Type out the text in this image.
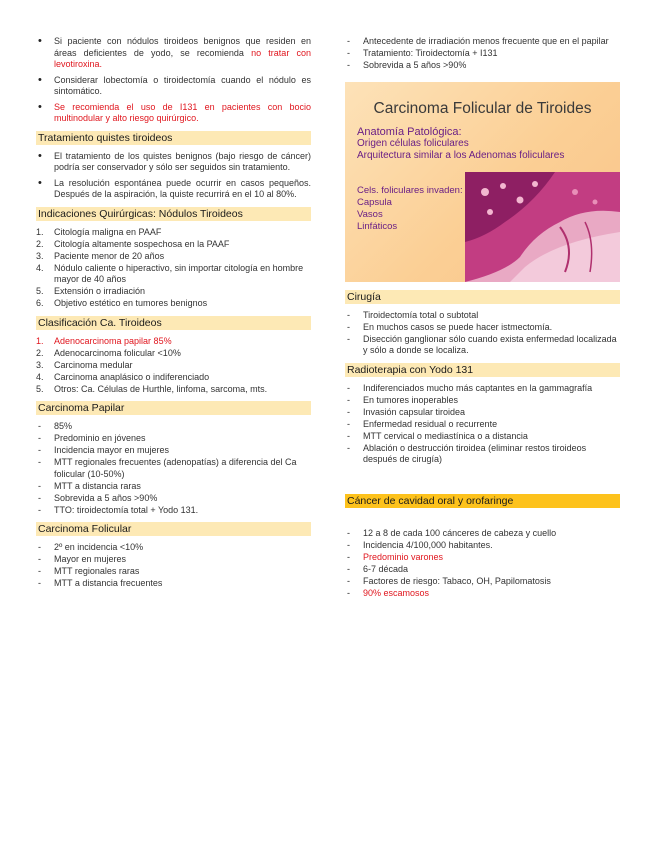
• Si paciente con nódulos tiroideos benignos que residen en áreas deficientes de yodo, se recomienda no tratar con levotiroxina.
• Considerar lobectomía o tiroidectomía cuando el nódulo es sintomático.
• Se recomienda el uso de I131 en pacientes con bocio multinodular y alto riesgo quirúrgico.
Tratamiento quistes tiroideos
• El tratamiento de los quistes benignos (bajo riesgo de cáncer) podría ser conservador y sólo ser seguidos sin tratamiento.
• La resolución espontánea puede ocurrir en casos pequeños. Después de la aspiración, la quiste recurrirá en el 10 al 80%.
Indicaciones Quirúrgicas: Nódulos Tiroideos
1. Citología maligna en PAAF
2. Citología altamente sospechosa en la PAAF
3. Paciente menor de 20 años
4. Nódulo caliente o hiperactivo, sin importar citología en hombre mayor de 40 años
5. Extensión o irradiación
6. Objetivo estético en tumores benignos
Clasificación Ca. Tiroideos
1. Adenocarcinoma papilar 85%
2. Adenocarcinoma folicular <10%
3. Carcinoma medular
4. Carcinoma anaplásico o indiferenciado
5. Otros: Ca. Células de Hurthle, linfoma, sarcoma, mts.
Carcinoma Papilar
- 85%
- Predominio en jóvenes
- Incidencia mayor en mujeres
- MTT regionales frecuentes (adenopatías) a diferencia del Ca folicular (10-50%)
- MTT a distancia raras
- Sobrevida a 5 años >90%
- TTO: tiroidectomía total + Yodo 131.
Carcinoma Folicular
- 2º en incidencia <10%
- Mayor en mujeres
- MTT regionales raras
- MTT a distancia frecuentes
- Antecedente de irradiación menos frecuente que en el papilar
- Tratamiento: Tiroidectomía + I131
- Sobrevida a 5 años >90%
Carcinoma Folicular de Tiroides
Anatomía Patológica:
Origen células foliculares
Arquitectura similar a los Adenomas foliculares
Cels. foliculares invaden:
Capsula
Vasos
Linfáticos
Cirugía
- Tiroidectomía total o subtotal
- En muchos casos se puede hacer istmectomía.
- Disección ganglionar sólo cuando exista enfermedad localizada y sólo a donde se localiza.
Radioterapia con Yodo 131
- Indiferenciados mucho más captantes en la gammagrafía
- En tumores inoperables
- Invasión capsular tiroidea
- Enfermedad residual o recurrente
- MTT cervical o mediastínica o a distancia
- Ablación o destrucción tiroidea (eliminar restos tiroideos después de cirugía)
Cáncer de cavidad oral y orofaringe
- 12 a 8 de cada 100 cánceres de cabeza y cuello
- Incidencia 4/100,000 habitantes.
- Predominio varones
- 6-7 década
- Factores de riesgo: Tabaco, OH, Papilomatosis
- 90% escamosos
